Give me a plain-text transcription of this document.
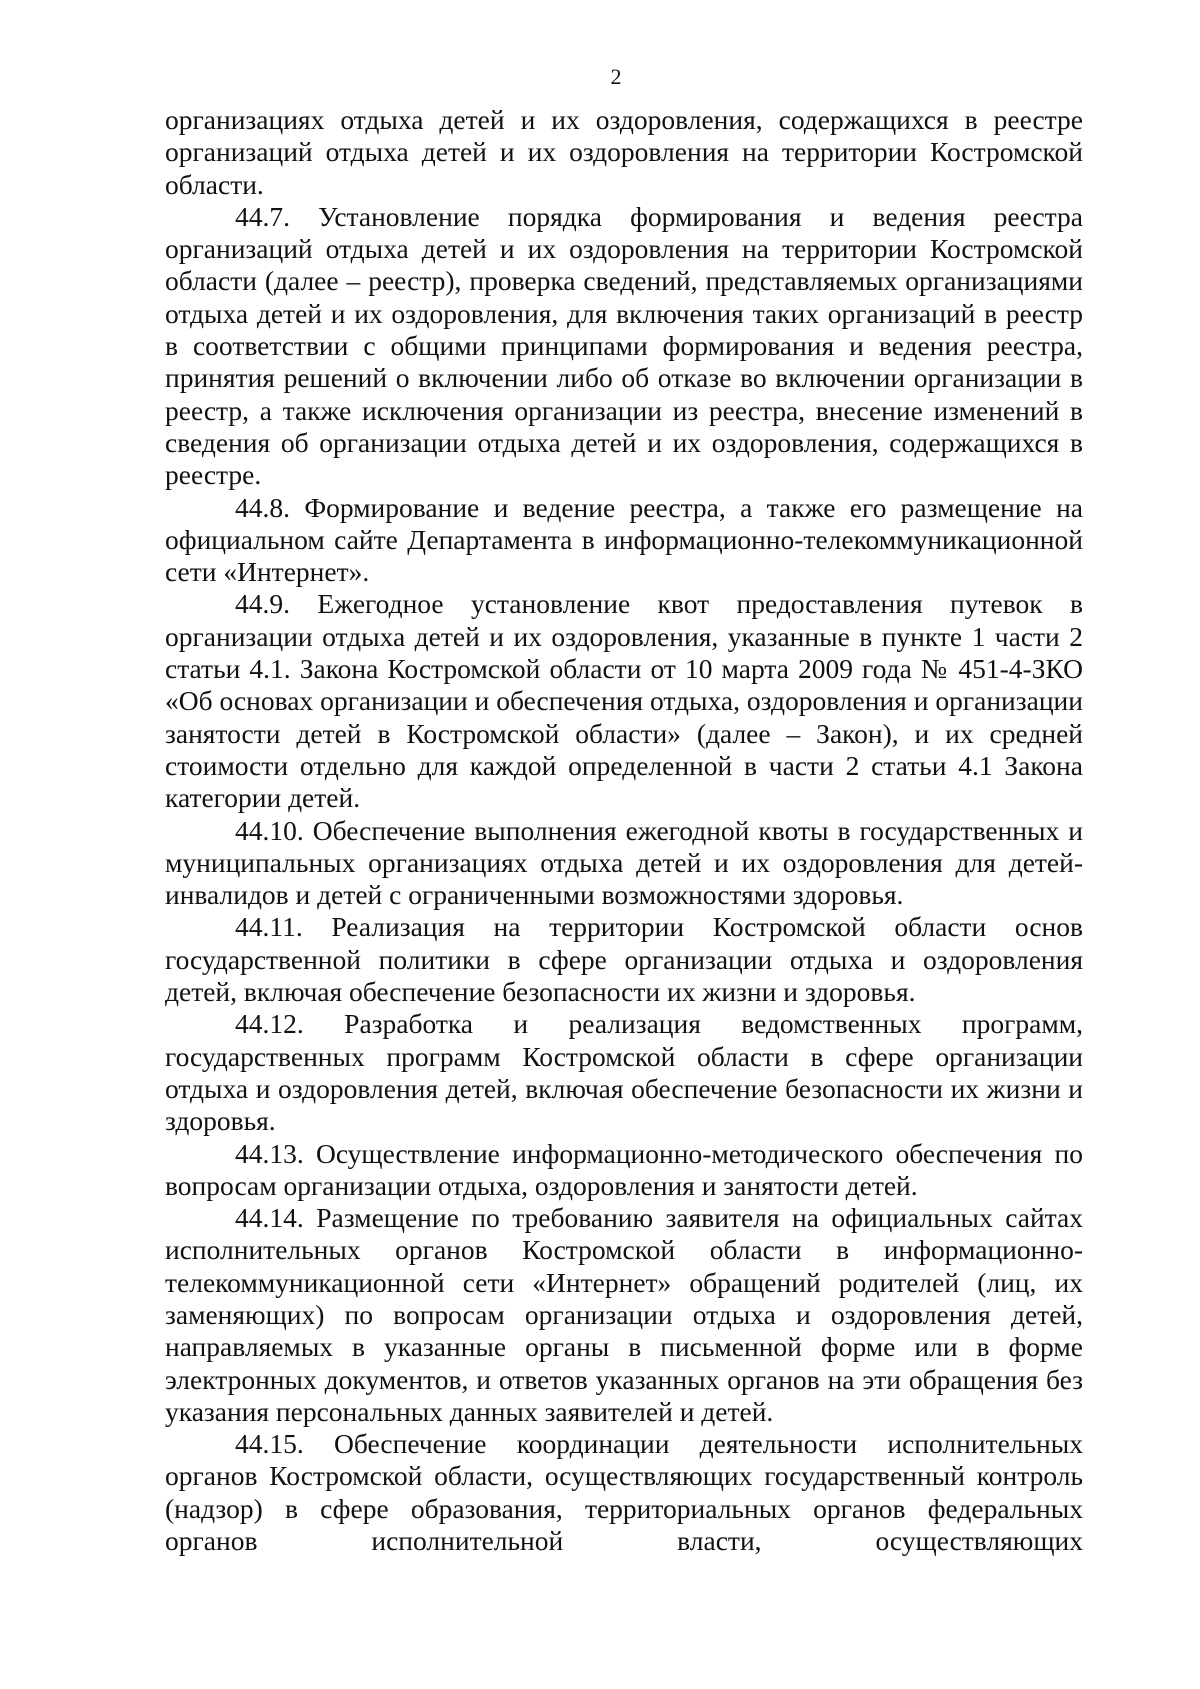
2

организациях отдыха детей и их оздоровления, содержащихся в реестре организаций отдыха детей и их оздоровления на территории Костромской области.

44.7. Установление порядка формирования и ведения реестра организаций отдыха детей и их оздоровления на территории Костромской области (далее – реестр), проверка сведений, представляемых организациями отдыха детей и их оздоровления, для включения таких организаций в реестр в соответствии с общими принципами формирования и ведения реестра, принятия решений о включении либо об отказе во включении организации в реестр, а также исключения организации из реестра, внесение изменений в сведения об организации отдыха детей и их оздоровления, содержащихся в реестре.

44.8. Формирование и ведение реестра, а также его размещение на официальном сайте Департамента в информационно-телекоммуникационной сети «Интернет».

44.9. Ежегодное установление квот предоставления путевок в организации отдыха детей и их оздоровления, указанные в пункте 1 части 2 статьи 4.1. Закона Костромской области от 10 марта 2009 года № 451-4-ЗКО «Об основах организации и обеспечения отдыха, оздоровления и организации занятости детей в Костромской области» (далее – Закон), и их средней стоимости отдельно для каждой определенной в части 2 статьи 4.1 Закона категории детей.

44.10. Обеспечение выполнения ежегодной квоты в государственных и муниципальных организациях отдыха детей и их оздоровления для детей-инвалидов и детей с ограниченными возможностями здоровья.

44.11. Реализация на территории Костромской области основ государственной политики в сфере организации отдыха и оздоровления детей, включая обеспечение безопасности их жизни и здоровья.

44.12. Разработка и реализация ведомственных программ, государственных программ Костромской области в сфере организации отдыха и оздоровления детей, включая обеспечение безопасности их жизни и здоровья.

44.13. Осуществление информационно-методического обеспечения по вопросам организации отдыха, оздоровления и занятости детей.

44.14. Размещение по требованию заявителя на официальных сайтах исполнительных органов Костромской области в информационно-телекоммуникационной сети «Интернет» обращений родителей (лиц, их заменяющих) по вопросам организации отдыха и оздоровления детей, направляемых в указанные органы в письменной форме или в форме электронных документов, и ответов указанных органов на эти обращения без указания персональных данных заявителей и детей.

44.15. Обеспечение координации деятельности исполнительных органов Костромской области, осуществляющих государственный контроль (надзор) в сфере образования, территориальных органов федеральных органов исполнительной власти, осуществляющих
